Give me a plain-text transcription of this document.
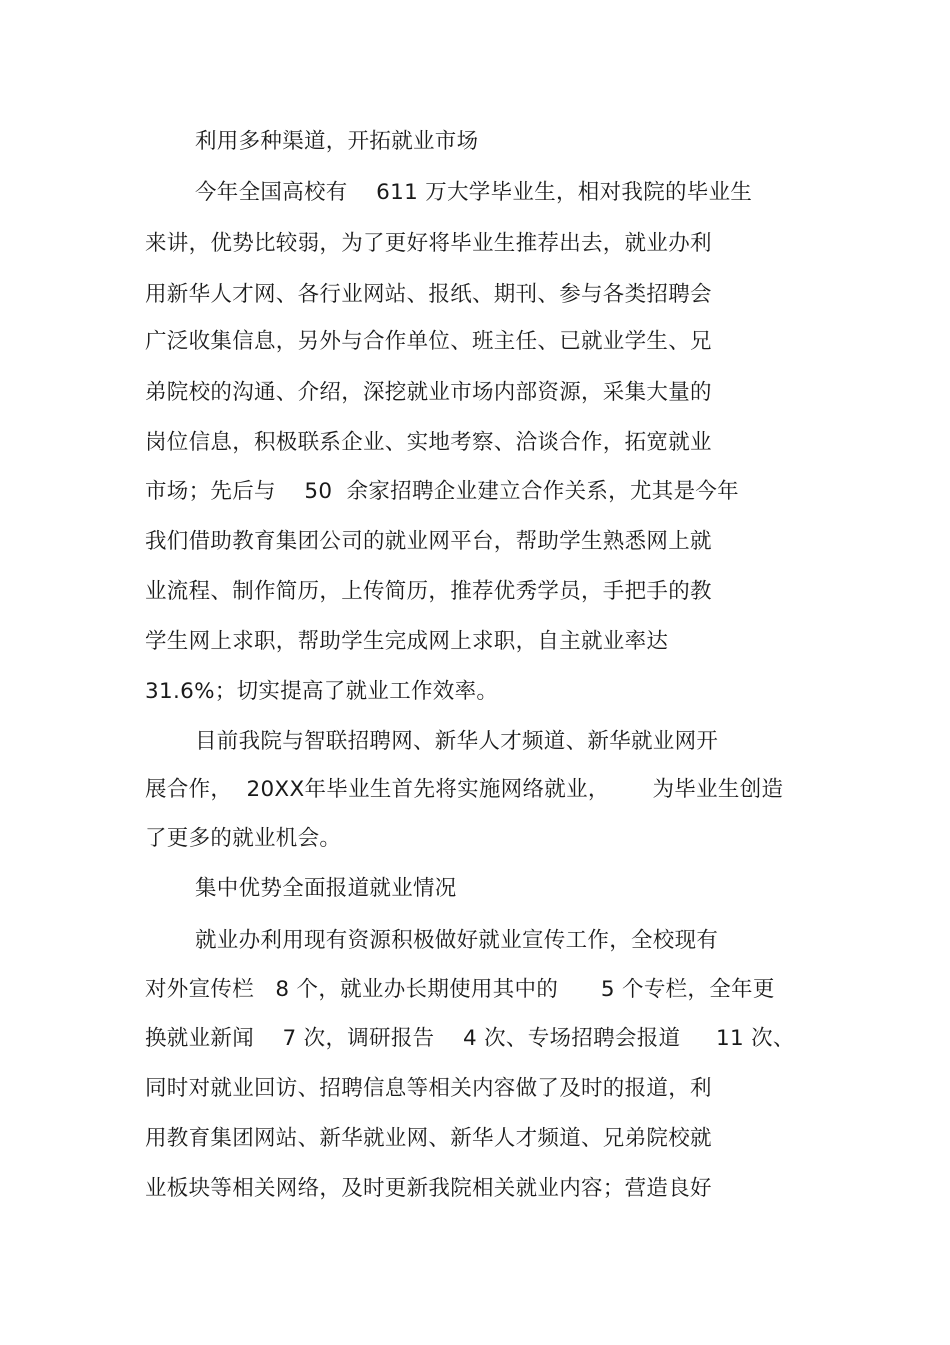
利用多种渠道，开拓就业市场
今年全国高校有    611 万大学毕业生，相对我院的毕业生
来讲，优势比较弱，为了更好将毕业生推荐出去，就业办利
用新华人才网、各行业网站、报纸、期刊、参与各类招聘会
广泛收集信息，另外与合作单位、班主任、已就业学生、兄
弟院校的沟通、介绍，深挖就业市场内部资源，采集大量的
岗位信息，积极联系企业、实地考察、洽谈合作，拓宽就业
市场；先后与    50  余家招聘企业建立合作关系，尤其是今年
我们借助教育集团公司的就业网平台，帮助学生熟悉网上就
业流程、制作简历，上传简历，推荐优秀学员，手把手的教
学生网上求职，帮助学生完成网上求职，自主就业率达
31.6%；切实提高了就业工作效率。
目前我院与智联招聘网、新华人才频道、新华就业网开
展合作，  20XX年毕业生首先将实施网络就业，      为毕业生创造
了更多的就业机会。
集中优势全面报道就业情况
就业办利用现有资源积极做好就业宣传工作，全校现有
对外宣传栏   8 个，就业办长期使用其中的      5 个专栏，全年更
换就业新闻    7 次，调研报告    4 次、专场招聘会报道     11 次、
同时对就业回访、招聘信息等相关内容做了及时的报道，利
用教育集团网站、新华就业网、新华人才频道、兄弟院校就
业板块等相关网络，及时更新我院相关就业内容；营造良好
